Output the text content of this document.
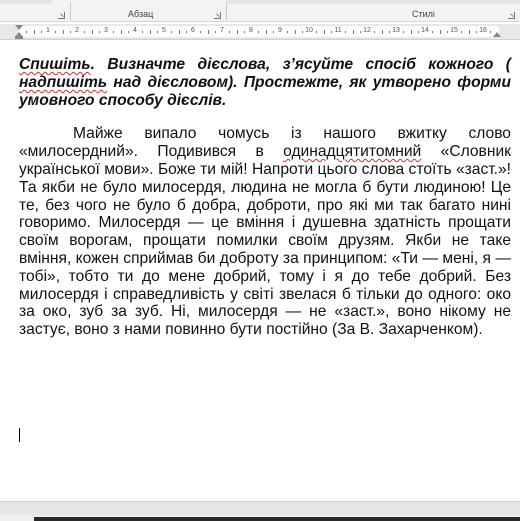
Абзац	Стилі
1	2	3	4	5	6	7	8	9	10	11	12	13	14	15	16

Спишіть. Визначте дієслова, з’ясуйте спосіб кожного ( надпишіть над дієсловом). Простежте, як утворено форми умовного способу дієслів.

Майже випало чомусь із нашого вжитку слово «милосердний». Подивився в одинадцятитомний «Словник української мови». Боже ти мій! Напроти цього слова стоїть «заст.»! Та якби не було милосердя, людина не могла б бути людиною! Це те, без чого не було б добра, доброти, про які ми так багато нині говоримо. Милосердя — це вміння і душевна здатність прощати своїм ворогам, прощати помилки своїм друзям. Якби не таке вміння, кожен сприймав би доброту за принципом: «Ти — мені, я — тобі», тобто ти до мене добрий, тому і я до тебе добрий. Без милосердя і справедливість у світі звелася б тільки до одного: око за око, зуб за зуб. Ні, милосердя — не «заст.», воно нікому не застує, воно з нами повинно бути постійно (За В. Захарченком).
